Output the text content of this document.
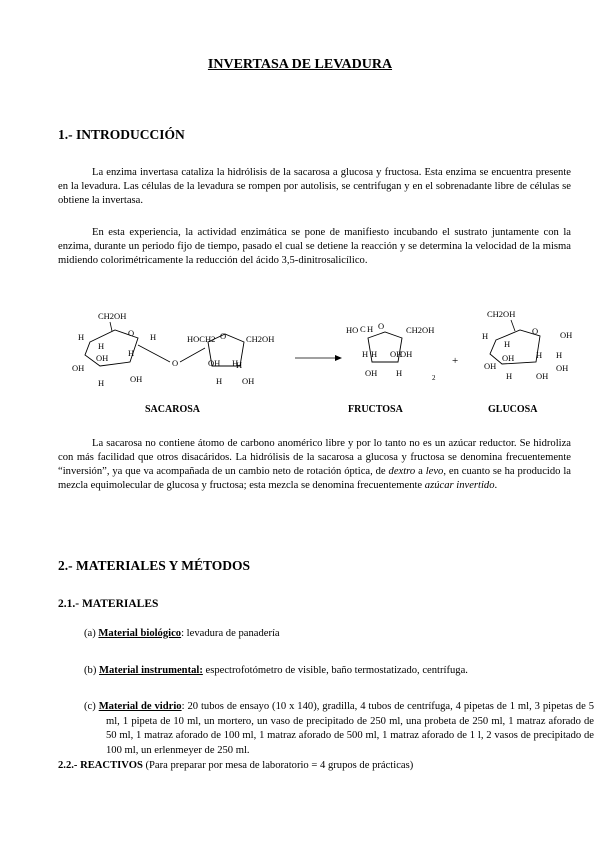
INVERTASA DE LEVADURA
1.- INTRODUCCIÓN
La enzima invertasa cataliza la hidrólisis de la sacarosa a glucosa y fructosa. Esta enzima se encuentra presente en la levadura. Las células de la levadura se rompen por autolisis, se centrifugan y en el sobrenadante libre de células se obtiene la invertasa.
En esta experiencia, la actividad enzimática se pone de manifiesto incubando el sustrato juntamente con la enzima, durante un periodo fijo de tiempo, pasado el cual se detiene la reacción y se determina la velocidad de la misma midiendo colorimétricamente la reducción del ácido 3,5-dinitrosalicílico.
CH2OH
O
H
H
OH H
OH
H
OH
H
O
HOCH2 O CH2OH
OH H
H OH
H
SACAROSA
HO C H O	CH2OH
H H OH
OH
OH H
FRUCTOSA
+
2
CH2OH
O
H
H
OH
OH	H H
OH
OH
H
OH
GLUCOSA
La sacarosa no contiene átomo de carbono anomérico libre y por lo tanto no es un azúcar reductor. Se hidroliza con más facilidad que otros disacáridos. La hidrólisis de la sacarosa a glucosa y fructosa se denomina frecuentemente “inversión”, ya que va acompañada de un cambio neto de rotación óptica, de dextro a levo, en cuanto se ha producido la mezcla equimolecular de glucosa y fructosa; esta mezcla se denomina frecuentemente azúcar invertido.
2.- MATERIALES Y MÉTODOS
2.1.- MATERIALES
(a) Material biológico: levadura de panadería
(b) Material instrumental: espectrofotómetro de visible, baño termostatizado, centrífuga.
(c) Material de vidrio: 20 tubos de ensayo (10 x 140), gradilla, 4 tubos de centrífuga, 4 pipetas de 1 ml, 3 pipetas de 5 ml, 1 pipeta de 10 ml, un mortero, un vaso de precipitado de 250 ml, una probeta de 250 ml, 1 matraz aforado de 50 ml, 1 matraz aforado de 100 ml, 1 matraz aforado de 500 ml, 1 matraz aforado de 1 l, 2 vasos de precipitado de 100 ml, un erlenmeyer de 250 ml.
2.2.- REACTIVOS (Para preparar por mesa de laboratorio = 4 grupos de prácticas)
